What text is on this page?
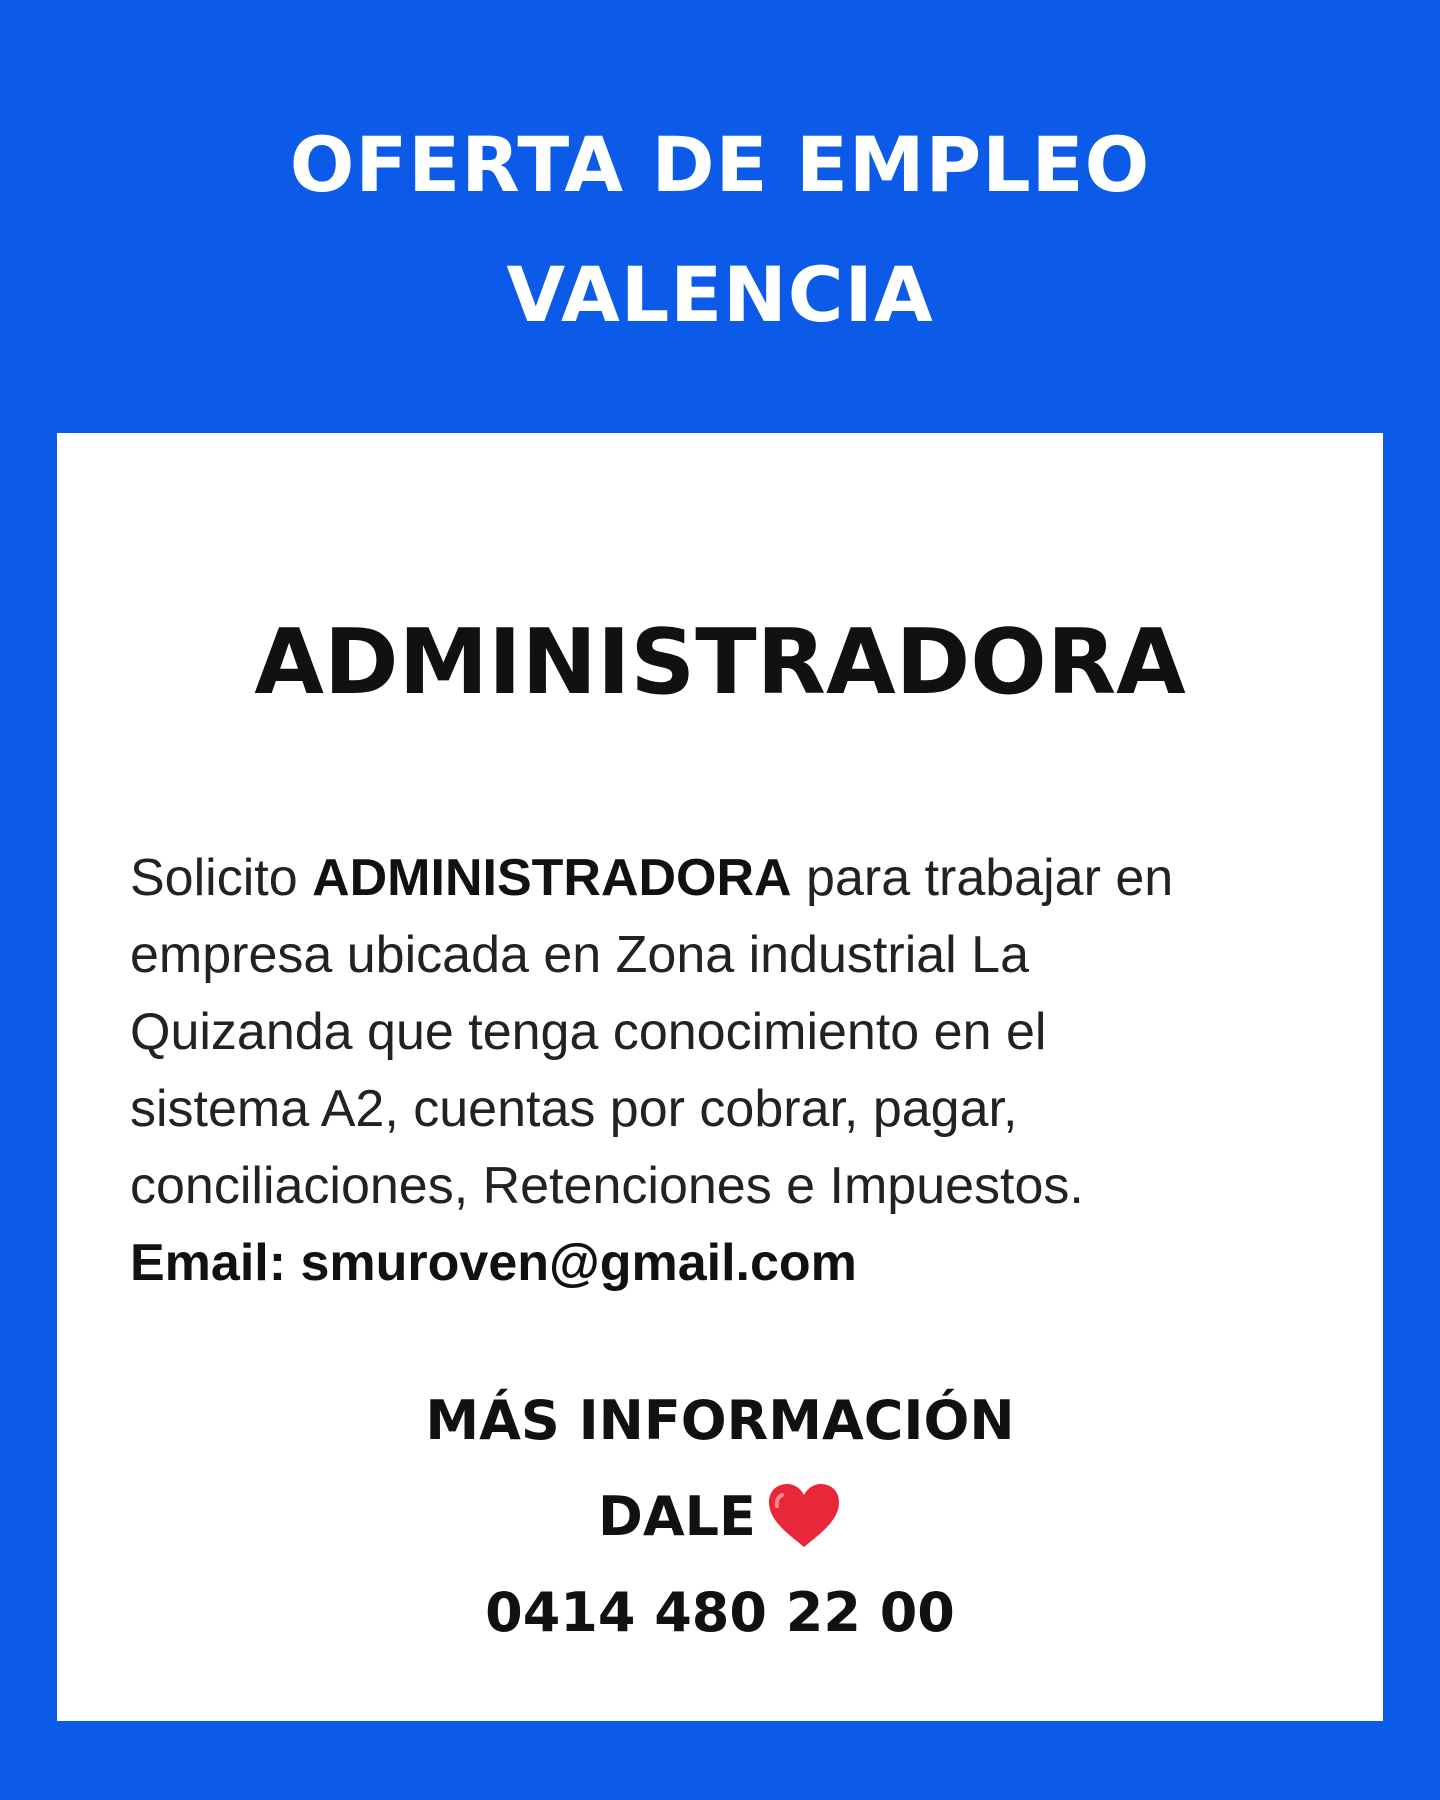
OFERTA DE EMPLEO
VALENCIA
ADMINISTRADORA
Solicito ADMINISTRADORA para trabajar en
empresa ubicada en Zona industrial La
Quizanda que tenga conocimiento en el
sistema A2, cuentas por cobrar, pagar,
conciliaciones, Retenciones e Impuestos.
Email: smuroven@gmail.com
MÁS INFORMACIÓN
DALE
0414 480 22 00
